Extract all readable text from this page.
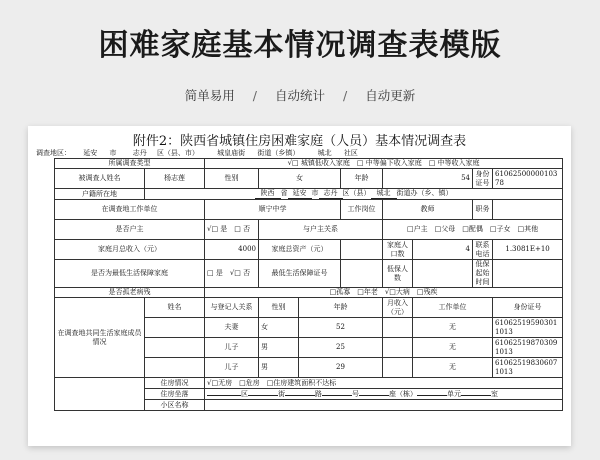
困难家庭基本情况调查表模版
简单易用 / 自动统计 / 自动更新
附件2：陕西省城镇住房困难家庭（人员）基本情况调查表
调查地区： 延安 市 志丹 区（县、市）	城皇庙街 街道（乡镇）	城北 社区
所属调查类型		√□ 城镇低收入家庭　□ 中等偏下收入家庭　□ 中等收入家庭							
被调查人姓名	杨志莲	性别	女		年龄	54		身份证号	6106250000010378
户籍所在地	陕西 省 延安 市 志丹 区（县） 城北 街道办（乡、镇）								
在调查地工作单位		顺宁中学			工作岗位	教师		职务	
是否户主		√□ 是　□ 否	与户主关系			□户主　□父母　□配偶　□子女　□其他			
家庭月总收入（元）		4000	家庭总资产（元）			家庭人口数	4	联系电话	1.3081E+10
是否为最低生活保障家庭		□ 是　√□ 否	最低生活保障证号			低保人数		低保起始时间	
是否孤老病残		□孤寡　□年老　√□大病　□残疾							
在调查地共同生活家庭成员情况	姓名	与登记人关系	性别	年龄		月收入（元）	工作单位		身份证号
		夫妻	女	52			无		610625195903011013
		儿子	男	25			无		610625198703091013
		儿子	男	29			无		610625198306071013
	住房情况	√□无房　□危房　□住房建筑面积不达标							
	住房坐落	区 街 路 号 座（栋） 单元 室							
	小区名称								
